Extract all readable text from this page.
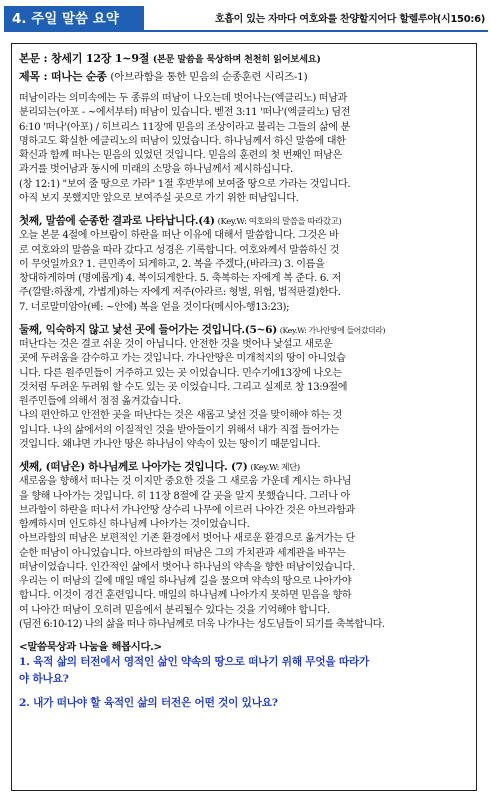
4. 주일 말씀 요약	호흡이 있는 자마다 여호와를 찬양할지어다 할렐루야(시150:6)
본문 : 창세기 12장 1~9절 (본문 말씀을 묵상하며 천천히 읽어보세요)
제목 : 떠나는 순종 (아브라함을 통한 믿음의 순종훈련 시리즈-1)
떠남이라는 의미속에는 두 종류의 떠남이 나오는데 벗어나는(엑클리노) 떠남과
분리되는(아포 - ~에서부터) 떠남이 있습니다. 벧전 3:11 '떠나'(엑클리노) 딤전
6:10 '떠나'(아포) / 히브리스 11장에 믿음의 조상이라고 불리는 그들의 삶에 분
명하고도 확실한 에클리노의 떠남이 있었습니다. 하나님께서 하신 말씀에 대한
확신과 함께 떠나는 믿음의 있었던 것입니다. 믿음의 훈련의 첫 번째인 떠남은
과거를 벗어남과 동시에 미래의 소망을 하나님께서 제시하십니다.
(창 12:1) "보여 줄 땅으로 가라" 1절 후반부에 보여줄 땅으로 가라는 것입니다.
아직 보지 못했지만 앞으로 보여주실 곳으로 가기 위한 떠남입니다.
첫째, 말씀에 순종한 결과로 나타납니다.(4) (Key.W: 여호와의 말씀을 따라갔고)
오늘 본문 4절에 아브람이 하란을 떠난 이유에 대해서 말씀합니다. 그것은 바
로 여호와의 말씀을 따라 갔다고 성경은 기록합니다. 여호와께서 말씀하신 것
이 무엇일까요? 1. 큰민족이 되게하고, 2. 복을 주겠다,(바라크) 3. 이름을
창대하게하며 (명예롭게) 4. 복이되게한다. 5. 축복하는 자에게 복 준다. 6. 저
주(깔랄:하찮게, 가볍게)하는 자에게 저주(아라르: 형벌, 위협, 법적판결)한다.
7. 너로말미암아(베: ~안에) 복을 얻을 것이다(메시아-행13:23);
둘째, 익숙하지 않고 낯선 곳에 들어가는 것입니다.(5~6) (Key.W: 가나안땅에 들어갔더라)
떠난다는 것은 결코 쉬운 것이 아닙니다. 안전한 것을 벗어나 낯설고 새로운
곳에 두려움을 감수하고 가는 것입니다. 가나안땅은 미개척지의 땅이 아니었습
니다. 다른 원주민들이 거주하고 있는 곳 이었습니다. 민수기에13장에 나오는
것처럼 두려운 두려워 할 수도 있는 곳 이었습니다. 그리고 실제로 창 13:9절에
원주민들에 의해서 점점 옮겨갔습니다.
나의 편안하고 안전한 곳을 떠난다는 것은 새롭고 낯선 것을 맞이해야 하는 것
입니다. 나의 삶에서의 이질적인 것을 받아들이기 위해서 내가 직접 들어가는
것입니다. 왜냐면 가나안 땅은 하나님이 약속이 있는 땅이기 때문입니다.
셋째, (떠남은) 하나님께로 나아가는 것입니다. (7) (Key.W: 제단)
새로움을 향해서 떠나는 것 이지만 중요한 것을 그 새로움 가운데 계시는 하나님
을 향해 나아가는 것입니다. 히 11장 8절에 갈 곳을 알지 못했습니다. 그러나 아
브라함이 하란을 떠나서 가나안땅 상수리 나무에 이르러 나아간 것은 아브라함과
함께하시며 인도하신 하나님께 나아가는 것이었습니다.
아브라함의 떠남은 보편적인 기존 환경에서 벗어나 새로운 환경으로 옮겨가는 단
순한 떠남이 아니었습니다. 아브라함의 떠남은 그의 가치관과 세계관을 바꾸는
떠남이었습니다. 인간적인 삶에서 벗어나 하나님의 약속을 향한 떠남이었습니다.
우리는 이 떠남의 길에 매일 매일 하나님께 길을 물으며 약속의 땅으로 나아가야
합니다. 이것이 경건 훈련입니다. 매일의 하나님께 나아가지 못하면 믿음을 향하
여 나아간 떠남이 오히려 믿음에서 분리될수 있다는 것을 기억해야 합니다.
(딤전 6:10-12) 나의 삶을 떠나 하나님께로 더욱 나가나는 성도님들이 되기를 축복합니다.
<말씀묵상과 나눔을 해봅시다.>
1. 육적 삶의 터전에서 영적인 삶인 약속의 땅으로 떠나기 위해 무엇을 따라가
야 하나요?
2. 내가 떠나야 할 육적인 삶의 터전은 어떤 것이 있나요?
